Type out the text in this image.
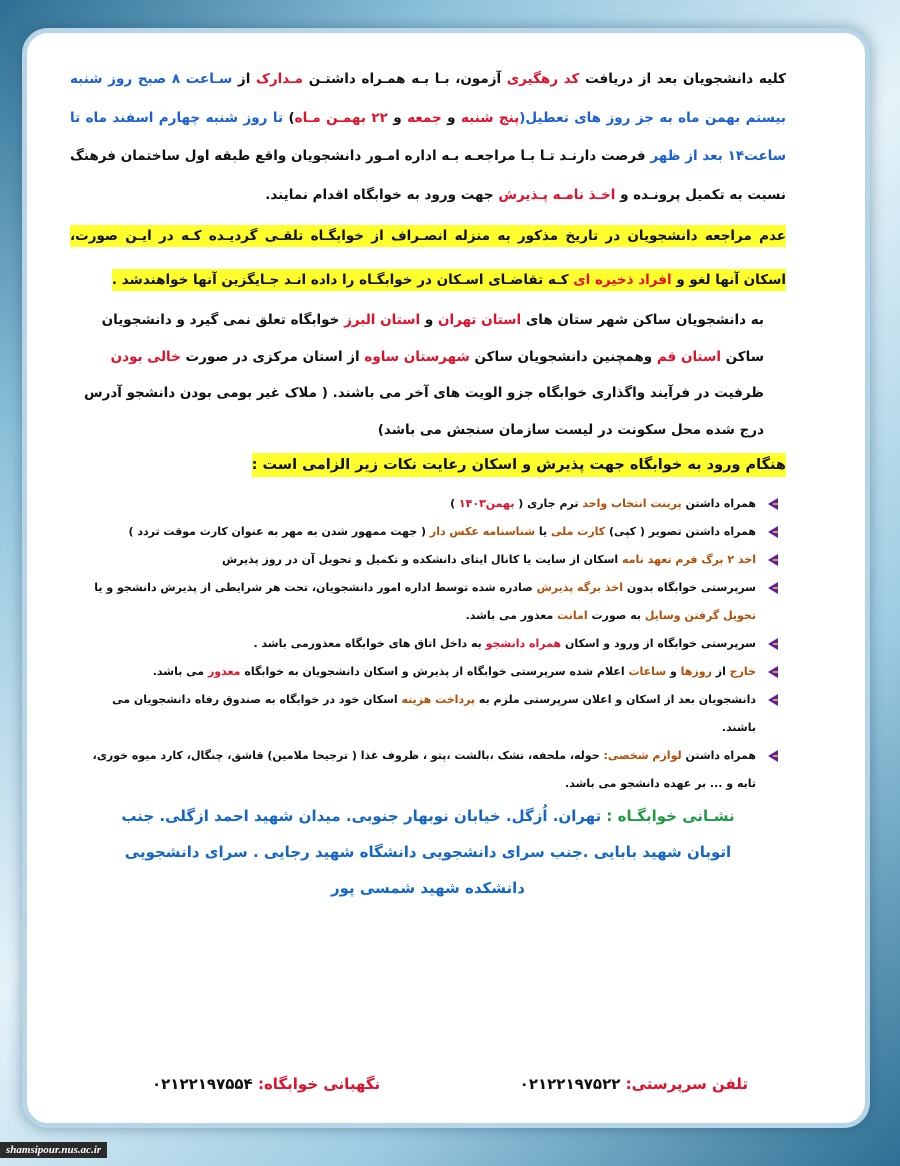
کلیه دانشجویان بعد از دریافت کد رهگیری آزمون، بـا بـه همـراه داشتـن مـدارک از سـاعت ۸ صبح روز شنبه بیستم بهمن ماه به جز روز های تعطیل(پنج شنبه و جمعه و ۲۲ بهمـن مـاه) تا روز شنبه چهارم اسفند ماه تا ساعت۱۴ بعد از ظهر فرصت دارنـد تـا بـا مراجعـه بـه اداره امـور دانشجویان واقع طبقه اول ساختمان فرهنگ نسبت به تکمیل پرونـده و اخـذ نامـه پـذیرش جهت ورود به خوابگاه اقدام نمایند.

عدم مراجعه دانشجویان در تاریخ مذکور به منزله انصـراف از خوابگـاه تلقـی گردیـده کـه در ایـن صورت، اسکان آنها لغو و افراد ذخیره ای کـه تقاضـای اسـکان در خوابگـاه را داده انـد جـایگزین آنها خواهندشد .

به دانشجویان ساکن شهر ستان های استان تهران و استان البرز خوابگاه تعلق نمی گیرد و دانشجویان ساکن استان قم وهمچنین دانشجویان ساکن شهرستان ساوه از استان مرکزی در صورت خالی بودن ظرفیت در فرآیند واگذاری خوابگاه جزو الویت های آخر می باشند. ( ملاک غیر بومی بودن دانشجو آدرس درج شده محل سکونت در لیست سازمان سنجش می باشد)

هنگام ورود به خوابگاه جهت پذیرش و اسکان رعایت نکات زیر الزامی است :

همراه داشتن پرینت انتخاب واحد ترم جاری ( بهمن۱۴۰۳ )
همراه داشتن تصویر ( کپی) کارت ملی یا شناسنامه عکس دار ( جهت ممهور شدن به مهر به عنوان کارت موقت تردد )
اخذ ۲ برگ فرم تعهد نامه اسکان از سایت یا کانال ایتای دانشکده و تکمیل و تحویل آن در روز پذیرش
سرپرستی خوابگاه بدون اخذ برگه پذیرش صادره شده توسط اداره امور دانشجویان، تحت هر شرایطی از پذیرش دانشجو و یا تحویل گرفتن وسایل به صورت امانت معذور می باشد.
سرپرستی خوابگاه از ورود و اسکان همراه دانشجو به داخل اتاق های خوابگاه معذورمی باشد .
خارج از روزها و ساعات اعلام شده سرپرستی خوابگاه از پذیرش و اسکان دانشجویان به خوابگاه معذور می باشد.
دانشجویان بعد از اسکان و اعلان سرپرستی ملزم به پرداخت هزینه اسکان خود در خوابگاه به صندوق رفاه دانشجویان می باشند.
همراه داشتن لوازم شخصی: حوله، ملحفه، تشک ،بالشت ،پتو ، ظروف غذا ( ترجیحا ملامین) قاشق، چنگال، کارد میوه خوری، تابه و ... بر عهده دانشجو می باشد.

نشـانی خوابگـاه : تهران. اُزگل. خیابان نوبهار جنوبی. میدان شهید احمد ازگلی. جنب اتوبان شهید بابایی .جنب سرای دانشجویی دانشگاه شهید رجایی . سرای دانشجویی دانشکده شهید شمسی پور

تلفن سرپرستی: ۰۲۱۲۲۱۹۷۵۲۲
نگهبانی خوابگاه: ۰۲۱۲۲۱۹۷۵۵۴
shamsipour.nus.ac.ir
